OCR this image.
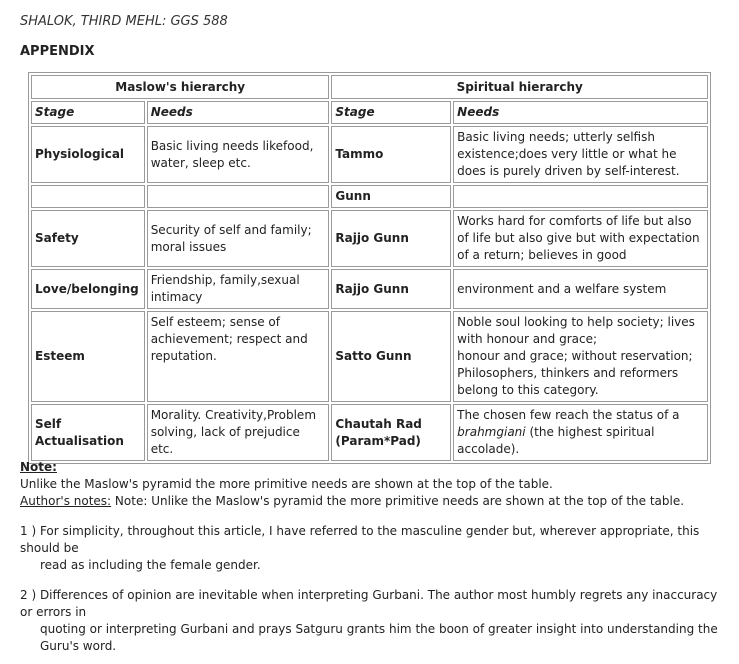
SHALOK, THIRD MEHL: GGS 588
APPENDIX
Maslow's hierarchy		Spiritual hierarchy	
Stage	Needs	Stage	Needs
Physiological	Basic living needs likefood, water, sleep etc.	Tammo	Basic living needs; utterly selfish existence;does very little or what he does is purely driven by self-interest.
		Gunn	
Safety	Security of self and family; moral issues	Rajjo Gunn	Works hard for comforts of life but also of life but also give but with expectation of a return; believes in good
Love/belonging	Friendship, family,sexual intimacy	Rajjo Gunn	environment and a welfare system
Esteem	Self esteem; sense of achievement; respect and reputation.	Satto Gunn	Noble soul looking to help society; lives with honour and grace;
honour and grace; without reservation;
Philosophers, thinkers and reformers belong to this category.

Self Actualisation	Morality. Creativity,Problem solving, lack of prejudice etc.	Chautah Rad (Param*Pad)	The chosen few reach the status of a brahmgiani (the highest spiritual accolade).
Note:

Unlike the Maslow's pyramid the more primitive needs are shown at the top of the table.

Author's notes: Note: Unlike the Maslow's pyramid the more primitive needs are shown at the top of the table.

1 ) For simplicity, throughout this article, I have referred to the masculine gender but, wherever appropriate, this should be

read as including the female gender.

2 ) Differences of opinion are inevitable when interpreting Gurbani. The author most humbly regrets any inaccuracy or errors in

quoting or interpreting Gurbani and prays Satguru grants him the boon of greater insight into understanding the Guru's word.
